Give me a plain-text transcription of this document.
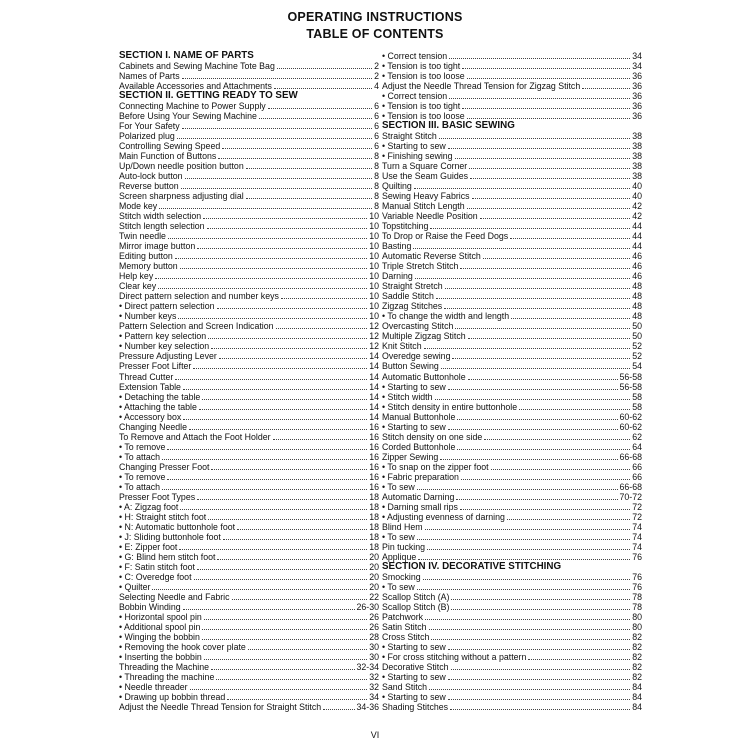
OPERATING INSTRUCTIONS
TABLE OF CONTENTS
SECTION I. NAME OF PARTS
Cabinets and Sewing Machine Tote Bag	2
Names of Parts	2
Available Accessories and Attachments	4
SECTION II. GETTING READY TO SEW
Connecting Machine to Power Supply	6
Before Using Your Sewing Machine	6
For Your Safety	6
Polarized plug	6
Controlling Sewing Speed	6
Main Function of Buttons	8
Up/Down needle position button	8
Auto-lock button	8
Reverse button	8
Screen sharpness adjusting dial	8
Mode key	8
Stitch width selection	10
Stitch length selection	10
Twin needle	10
Mirror image button	10
Editing button	10
Memory button	10
Help key	10
Clear key	10
Direct pattern selection and number keys	10
• Direct pattern selection	10
• Number keys	10
Pattern Selection and Screen Indication	12
• Pattern key selection	12
• Number key selection	12
Pressure Adjusting Lever	14
Presser Foot Lifter	14
Thread Cutter	14
Extension Table	14
• Detaching the table	14
• Attaching the table	14
• Accessory box	14
Changing Needle	16
To Remove and Attach the Foot Holder	16
• To remove	16
• To attach	16
Changing Presser Foot	16
• To remove	16
• To attach	16
Presser Foot Types	18
• A: Zigzag foot	18
• H: Straight stitch foot	18
• N: Automatic buttonhole foot	18
• J: Sliding buttonhole foot	18
• E: Zipper foot	18
• G: Blind hem stitch foot	20
• F: Satin stitch foot	20
• C: Overedge foot	20
• Quilter	20
Selecting Needle and Fabric	22
Bobbin Winding	26-30
• Horizontal spool pin	26
• Additional spool pin	26
• Winging the bobbin	28
• Removing the hook cover plate	30
• Inserting the bobbin	30
Threading the Machine	32-34
• Threading the machine	32
• Needle threader	32
• Drawing up bobbin thread	34
Adjust the Needle Thread Tension for Straight Stitch	34-36
• Correct tension	34
• Tension is too tight	34
• Tension is too loose	36
Adjust the Needle Thread Tension for Zigzag Stitch	36
• Correct tension	36
• Tension is too tight	36
• Tension is too loose	36
SECTION III. BASIC SEWING
Straight Stitch	38
• Starting to sew	38
• Finishing sewing	38
Turn a Square Corner	38
Use the Seam Guides	38
Quilting	40
Sewing Heavy Fabrics	40
Manual Stitch Length	42
Variable Needle Position	42
Topstitching	44
To Drop or Raise the Feed Dogs	44
Basting	44
Automatic Reverse Stitch	46
Triple Stretch Stitch	46
Darning	46
Straight Stretch	48
Saddle Stitch	48
Zigzag Stitches	48
• To change the width and length	48
Overcasting Stitch	50
Multiple Zigzag Stitch	50
Knit Stitch	52
Overedge sewing	52
Button Sewing	54
Automatic Buttonhole	56-58
• Starting to sew	56-58
• Stitch width	58
• Stitch density in entire buttonhole	58
Manual Buttonhole	60-62
• Starting to sew	60-62
Stitch density on one side	62
Corded Buttonhole	64
Zipper Sewing	66-68
• To snap on the zipper foot	66
• Fabric preparation	66
• To sew	66-68
Automatic Darning	70-72
• Darning small rips	72
• Adjusting evenness of darning	72
Blind Hem	74
• To sew	74
Pin tucking	74
Applique	76
SECTION IV. DECORATIVE STITCHING
Smocking	76
• To sew	76
Scallop Stitch (A)	78
Scallop Stitch (B)	78
Patchwork	80
Satin Stitch	80
Cross Stitch	82
• Starting to sew	82
• For cross stitching without a pattern	82
Decorative Stitch	82
• Starting to sew	82
Sand Stitch	84
• Starting to sew	84
Shading Stitches	84
VI
